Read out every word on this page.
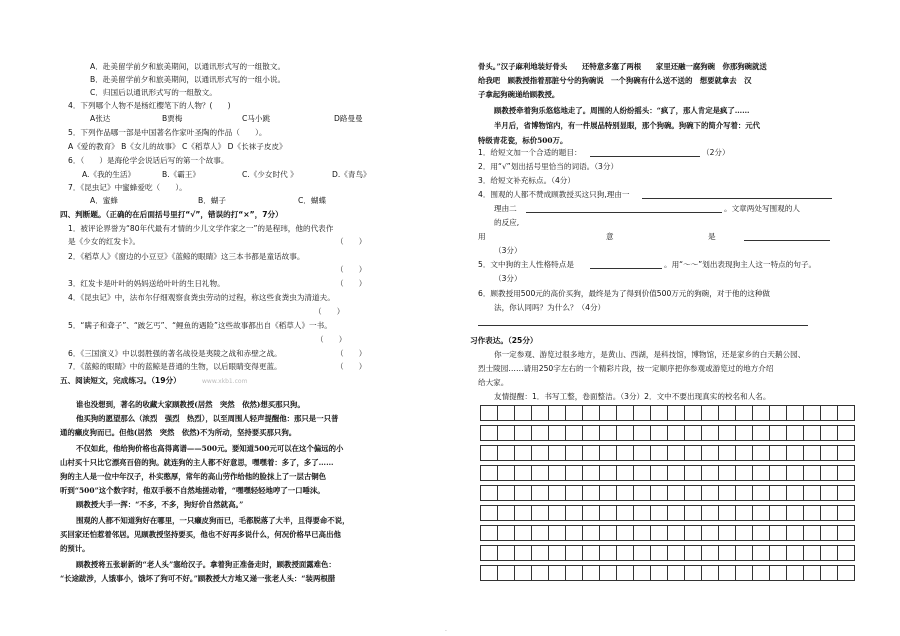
A．赴美留学前夕和旅美期间，以通讯形式写的一组散文。
B．赴美留学前夕和旅美期间，以通讯形式写的一组小说。
C．归国后以通讯形式写的一组散文。
4．下列哪个人物不是杨红樱笔下的人物？(　　)
A张达	B贾梅	C马小跳	D路曼曼
5．下列作品哪一部是中国著名作家叶圣陶的作品（　　）。
A《爱的教育》 B《女儿的故事》 C《稻草人》 D《长袜子皮皮》
6．（　　）是海伦学会说话后写的第一个故事。
A.《我的生活》	B.《霸王》	C.《少女时代 》	D.《青鸟》
7．《昆虫记》中蜜蜂爱吃（　　）。
A．蜜蜂	B．蝴子	C．蝴蝶
四、判断题。（正确的在后面括号里打“√”，错误的打“×”，7分）
1．被评论界誉为“80年代最有才情的少儿文学作家之一”的是程玮，他的代表作
是《少女的红发卡》。	（　　）
2．《稻草人》《窗边的小豆豆》《蓝鲸的眼睛》这三本书都是童话故事。
（　　）
3．红发卡是叶叶的妈妈送给叶叶的生日礼物。	（　　）
4．《昆虫记》中，法布尔仔细观察食粪虫劳动的过程，称这些食粪虫为清道夫。
（　　）
5．“瞒子和聋子”、“跛乞丐”、“鲤鱼的遇险”这些故事都出自《稻草人》一书。
（　　）
6．《三国演义》中以弱胜强的著名战役是夷陵之战和赤壁之战。	（　　）
7．《蓝鲸的眼睛》中的蓝鲸是普通的生物，以后眼睛变得更蓝。	（　　）
五、阅读短文，完成练习。（19分）	www.xkb1.com
谁也没想到，著名的收藏大家顾教授(居然　突然　依然)想买那只狗。
他买狗的愿望那么（浓烈　强烈　热烈），以至周围人轻声提醒他：那只是一只普
通的癞皮狗而已。但他(居然　突然　依然)不为所动，坚持要买那只狗。
不仅如此，他给狗价格也高得离谱——500元。要知道500元可以在这个偏远的小
山村买十只比它漂亮百倍的狗。就连狗的主人都不好意思，嘿嘿着：多了，多了……
狗的主人是一位中年汉子，朴实憨厚，常年的高山劳作给他的脸抹上了一层古铜色
听到“500”这个数字时，他双手极不自然地搓动着，“嘿嘿轻轻地哼了一口唾沫。
顾教授大手一挥：“不多，不多，狗好价自然就高。”
围观的人都不知道狗好在哪里，一只癞皮狗而已，毛都脱落了大半，且得要命不说，
买回家还怕惹着邻居。见顾教授坚持要买，他也不好再多说什么，何况价格早已高出他
的预计。
顾教授将五张崭新的“老人头”塞给汉子。拿着狗正准备走时，顾教授面露难色：
“长途跋涉，人饿事小，饿坏了狗可不好。”顾教授大方地又递一张老人头：“装两根腊
骨头。”汉子麻利地装好骨头　　还特意多塞了两根　　家里还融一腐狗碗　你那狗碗就送
给我吧　顾教授指着那脏兮兮的狗碗说　一个狗碗有什么送不送的　想要就拿去　汉
子拿起狗碗递给顾教授。
顾教授牵着狗乐悠悠地走了。周围的人纷纷摇头：“疯了，那人肯定是疯了……
半月后，省博物馆内，有一件展品特别显眼，那个狗碗。狗碗下的简介写着：元代
特级青花瓷，标价500万。
1．给短文加一个合适的题目：	（2分）
2．用“√”划出括号里恰当的词语。（3分）
3．给短文补充标点。（4分）
4．围观的人都不赞成顾教授买这只狗,理由一
理由二	。文章两处写围观的人
的反应,
用	意	是
（3分）
5．文中狗的主人性格特点是	。用“～～”划出表现狗主人这一特点的句子。
（3分）
6．顾教授用500元的高价买狗，最终是为了得到价值500万元的狗碗，对于他的这种做
法，你认同吗？为什么？（4分）
习作表达。（25分）
你一定参观、游览过很多地方，是黄山、西湖，是科技馆，博物馆，还是家乡的白天鹅公园、
烈士陵园……请用250字左右的一个精彩片段，按一定顺序把你参观或游览过的地方介绍
给大家。
友情提醒：1．书写工整，卷面整洁。（3分）2．文中不要出现真实的校名和人名。

·
